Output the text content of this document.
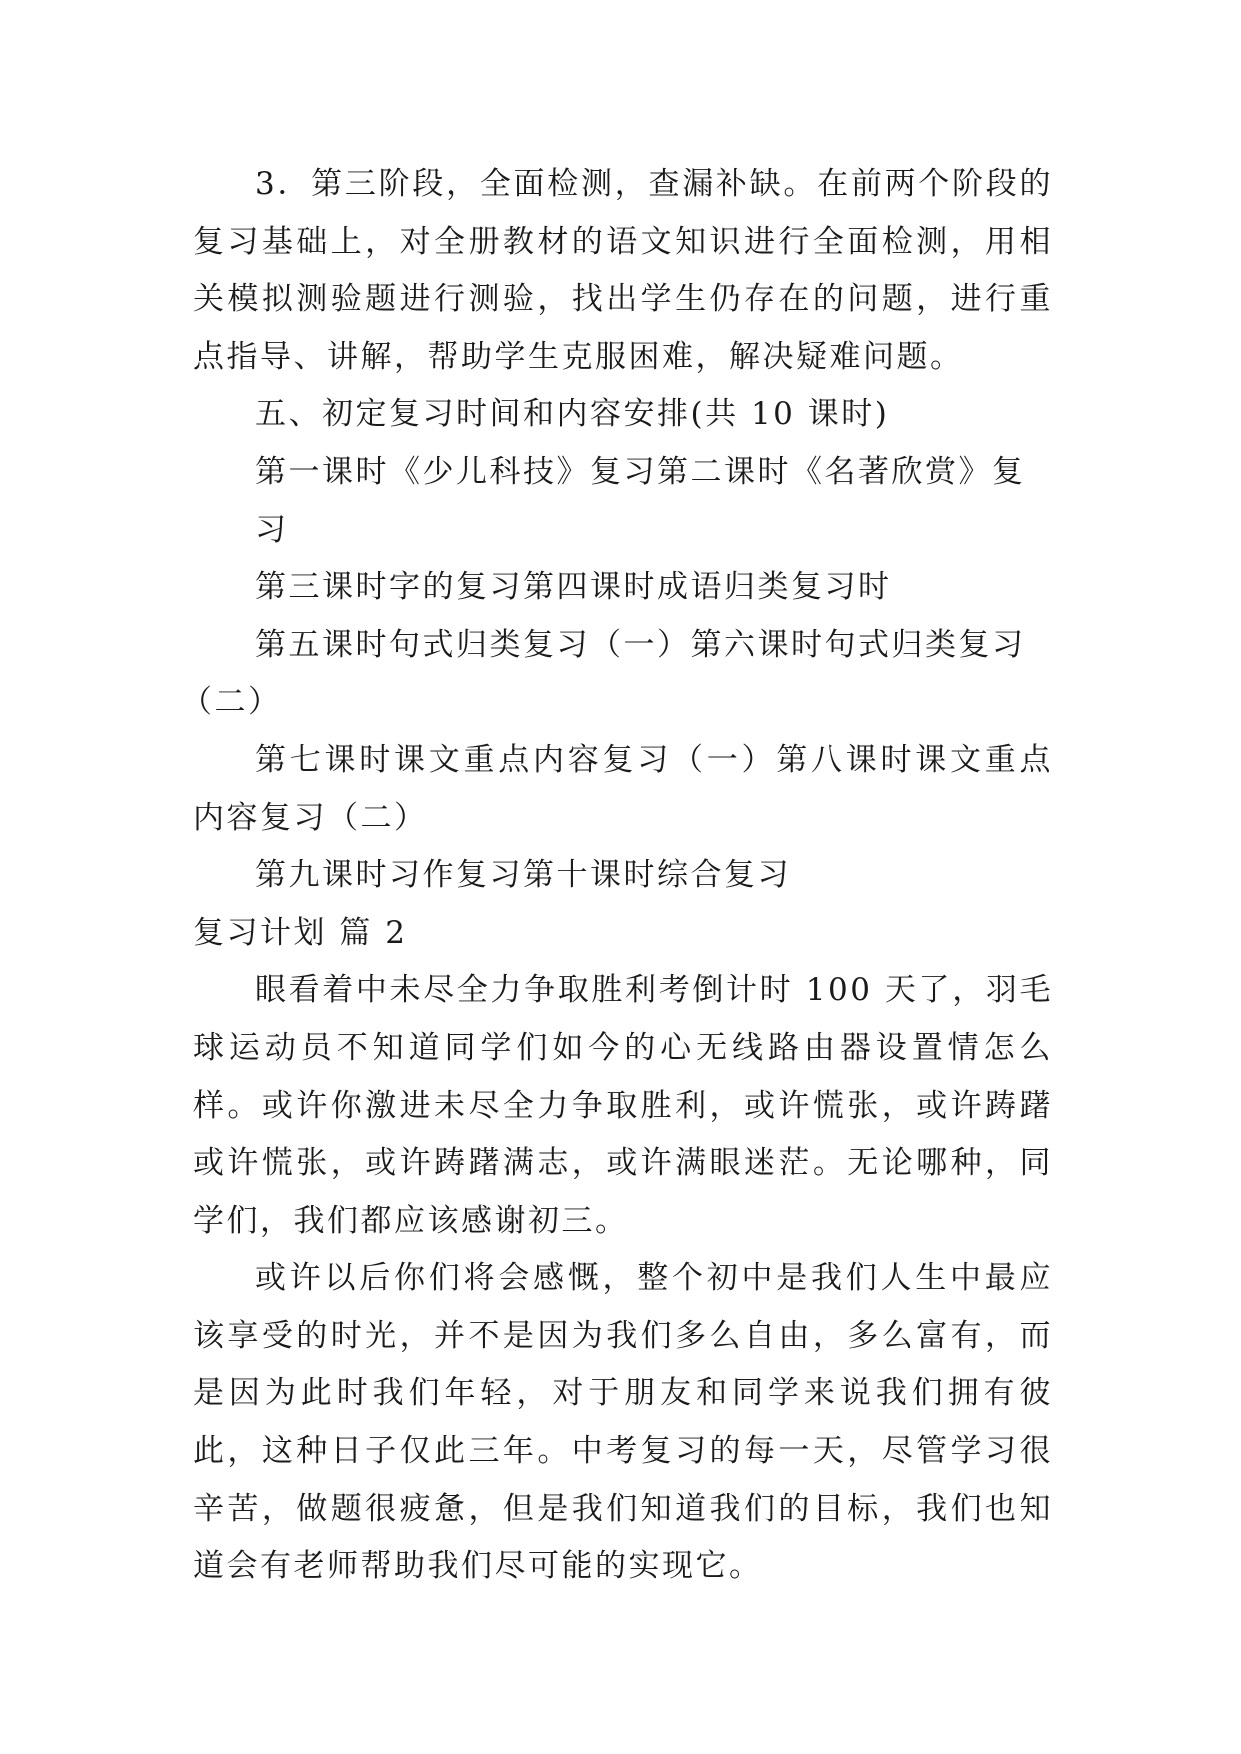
3．第三阶段，全面检测，查漏补缺。在前两个阶段的复习基础上，对全册教材的语文知识进行全面检测，用相关模拟测验题进行测验，找出学生仍存在的问题，进行重点指导、讲解，帮助学生克服困难，解决疑难问题。

五、初定复习时间和内容安排(共 10 课时)

第一课时《少儿科技》复习第二课时《名著欣赏》复习

第三课时字的复习第四课时成语归类复习时

第五课时句式归类复习（一）第六课时句式归类复习

（二）

第七课时课文重点内容复习（一）第八课时课文重点内容复习（二）

第九课时习作复习第十课时综合复习

复习计划 篇 2

眼看着中未尽全力争取胜利考倒计时 100 天了，羽毛球运动员不知道同学们如今的心无线路由器设置情怎么样。或许你激进未尽全力争取胜利，或许慌张，或许踌躇或许慌张，或许踌躇满志，或许满眼迷茫。无论哪种，同学们，我们都应该感谢初三。

或许以后你们将会感慨，整个初中是我们人生中最应该享受的时光，并不是因为我们多么自由，多么富有，而是因为此时我们年轻，对于朋友和同学来说我们拥有彼此，这种日子仅此三年。中考复习的每一天，尽管学习很辛苦，做题很疲惫，但是我们知道我们的目标，我们也知道会有老师帮助我们尽可能的实现它。
